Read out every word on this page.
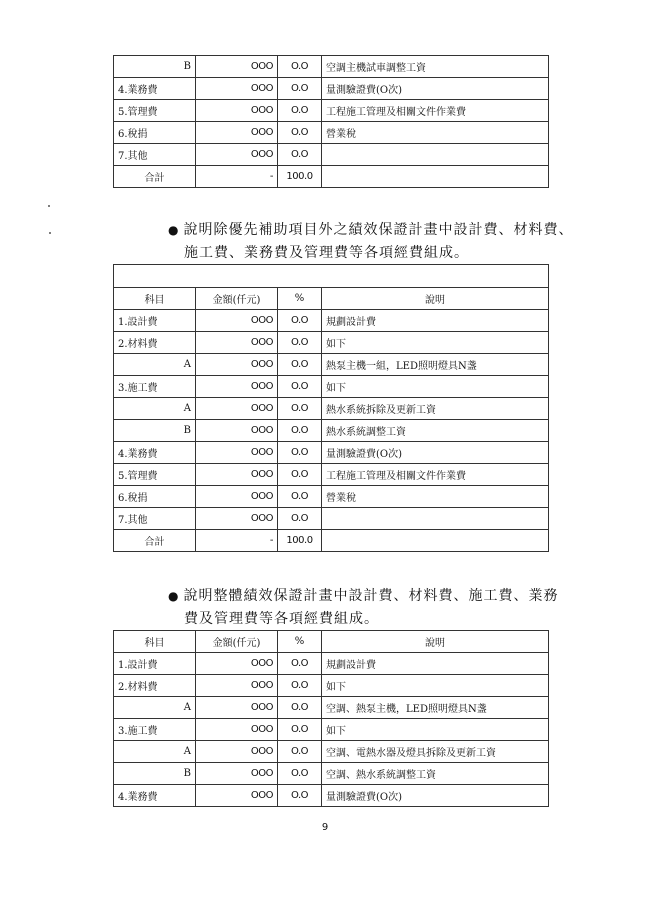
B	OOO	O.O	空調主機試車調整工資
4.業務費	OOO	O.O	量測驗證費(O次)
5.管理費	OOO	O.O	工程施工管理及相關文件作業費
6.稅捐	OOO	O.O	營業稅
7.其他	OOO	O.O	
合計	-	100.0	
● 說明除優先補助項目外之績效保證計畫中設計費、材料費、
施工費、業務費及管理費等各項經費組成。

科目	金額(仟元)	%	說明
1.設計費	OOO	O.O	規劃設計費
2.材料費	OOO	O.O	如下
A	OOO	O.O	熱泵主機一組，LED照明燈具N盞
3.施工費	OOO	O.O	如下
A	OOO	O.O	熱水系統拆除及更新工資
B	OOO	O.O	熱水系統調整工資
4.業務費	OOO	O.O	量測驗證費(O次)
5.管理費	OOO	O.O	工程施工管理及相關文件作業費
6.稅捐	OOO	O.O	營業稅
7.其他	OOO	O.O	
合計	-	100.0	
● 說明整體績效保證計畫中設計費、材料費、施工費、業務
費及管理費等各項經費組成。
科目	金額(仟元)	%	說明
1.設計費	OOO	O.O	規劃設計費
2.材料費	OOO	O.O	如下
A	OOO	O.O	空調、熱泵主機，LED照明燈具N盞
3.施工費	OOO	O.O	如下
A	OOO	O.O	空調、電熱水器及燈具拆除及更新工資
B	OOO	O.O	空調、熱水系統調整工資
4.業務費	OOO	O.O	量測驗證費(O次)
9
